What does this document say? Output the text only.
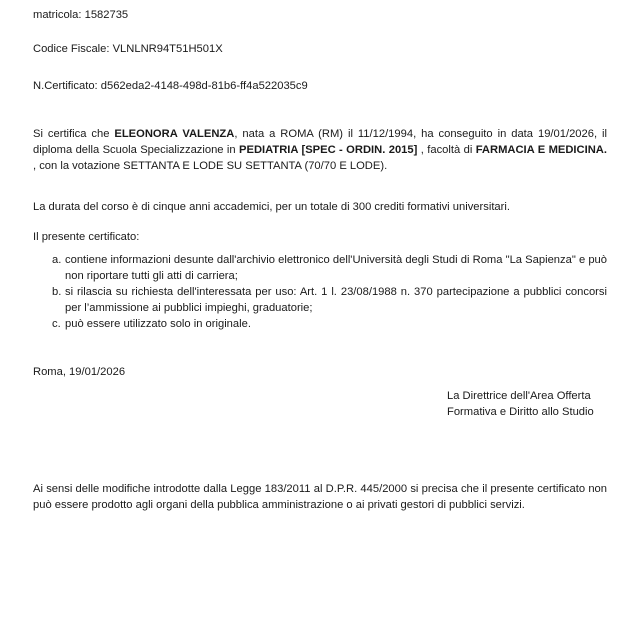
matricola: 1582735
Codice Fiscale: VLNLNR94T51H501X
N.Certificato: d562eda2-4148-498d-81b6-ff4a522035c9
Si certifica che ELEONORA VALENZA, nata a ROMA (RM) il 11/12/1994, ha conseguito in data 19/01/2026, il diploma della Scuola Specializzazione in PEDIATRIA [SPEC - ORDIN. 2015] , facoltà di FARMACIA E MEDICINA. , con la votazione SETTANTA E LODE SU SETTANTA (70/70 E LODE).
La durata del corso è di cinque anni accademici, per un totale di 300 crediti formativi universitari.
Il presente certificato:
a. contiene informazioni desunte dall'archivio elettronico dell'Università degli Studi di Roma "La Sapienza" e può non riportare tutti gli atti di carriera;
b. si rilascia su richiesta dell'interessata per uso: Art. 1 l. 23/08/1988 n. 370 partecipazione a pubblici concorsi per l’ammissione ai pubblici impieghi, graduatorie;
c. può essere utilizzato solo in originale.
Roma, 19/01/2026
La Direttrice dell'Area Offerta
Formativa e Diritto allo Studio
Ai sensi delle modifiche introdotte dalla Legge 183/2011 al D.P.R. 445/2000 si precisa che il presente certificato non può essere prodotto agli organi della pubblica amministrazione o ai privati gestori di pubblici servizi.
